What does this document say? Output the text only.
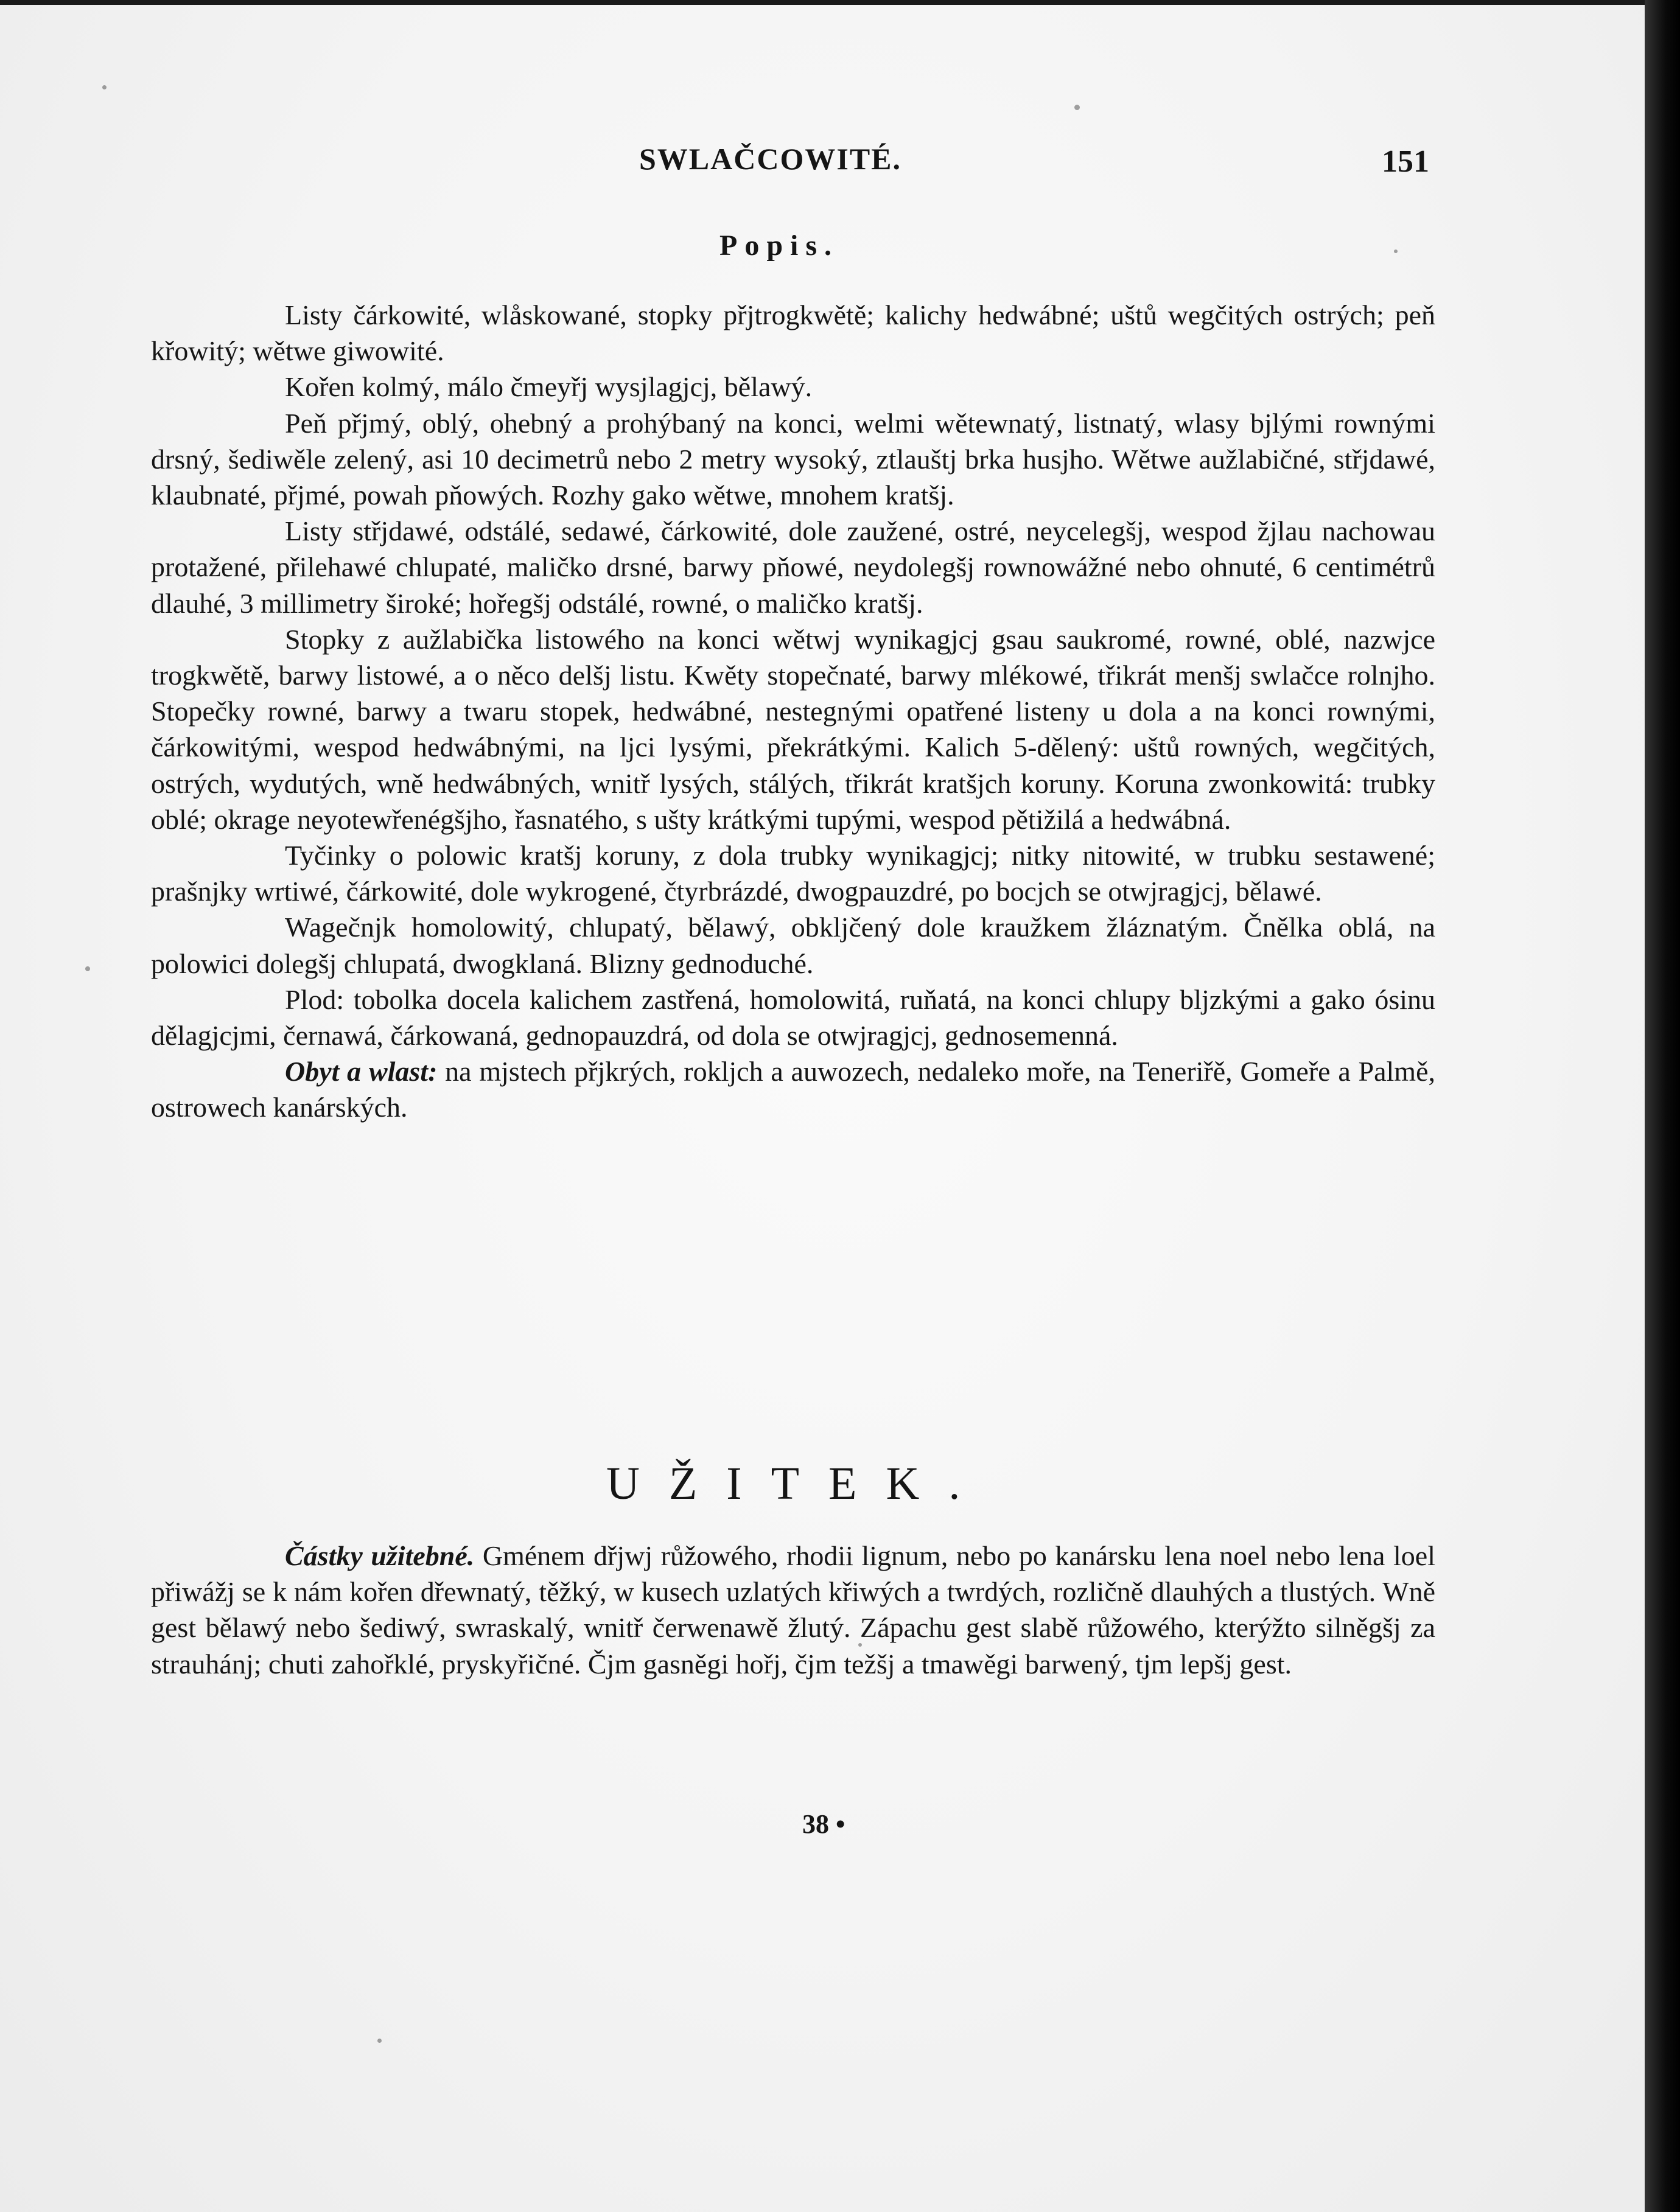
SWLAČCOWITÉ.	151
Popis.

Listy čárkowité, wlåskowané, stopky přjtrogkwětě; kalichy hedwábné; uštů wegčitých ostrých; peň křowitý; wětwe giwowité.

Kořen kolmý, málo čmeyřj wysjlagjcj, bělawý.

Peň přjmý, oblý, ohebný a prohýbaný na konci, welmi wětewnatý, listnatý, wlasy bjlými rownými drsný, šediwěle zelený, asi 10 decimetrů nebo 2 metry wysoký, ztlauštj brka husjho. Wětwe aužlabičné, střjdawé, klaubnaté, přjmé, powah pňowých. Rozhy gako wětwe, mnohem kratšj.

Listy střjdawé, odstálé, sedawé, čárkowité, dole zaužené, ostré, neycelegšj, wespod žjlau nachowau protažené, přilehawé chlupaté, maličko drsné, barwy pňowé, neydolegšj rownowážné nebo ohnuté, 6 centimétrů dlauhé, 3 millimetry široké; hořegšj odstálé, rowné, o maličko kratšj.

Stopky z aužlabička listowého na konci wětwj wynikagjcj gsau saukromé, rowné, oblé, nazwjce trogkwětě, barwy listowé, a o něco delšj listu. Kwěty stopečnaté, barwy mlékowé, třikrát menšj swlačce rolnjho. Stopečky rowné, barwy a twaru stopek, hedwábné, nestegnými opatřené listeny u dola a na konci rownými, čárkowitými, wespod hedwábnými, na ljci lysými, překrátkými. Kalich 5-dělený: uštů rowných, wegčitých, ostrých, wydutých, wně hedwábných, wnitř lysých, stálých, třikrát kratšjch koruny. Koruna zwonkowitá: trubky oblé; okrage neyotewřenégšjho, řasnatého, s ušty krátkými tupými, wespod pětižilá a hedwábná.

Tyčinky o polowic kratšj koruny, z dola trubky wynikagjcj; nitky nitowité, w trubku sestawené; prašnjky wrtiwé, čárkowité, dole wykrogené, čtyrbrázdé, dwogpauzdré, po bocjch se otwjragjcj, bělawé.

Wagečnjk homolowitý, chlupatý, bělawý, obkljčený dole kraužkem žláznatým. Čnělka oblá, na polowici dolegšj chlupatá, dwogklaná. Blizny gednoduché.

Plod: tobolka docela kalichem zastřená, homolowitá, ruňatá, na konci chlupy bljzkými a gako ósinu dělagjcjmi, černawá, čárkowaná, gednopauzdrá, od dola se otwjragjcj, gednosemenná.

Obyt a wlast: na mjstech přjkrých, rokljch a auwozech, nedaleko moře, na Teneriřě, Gomeře a Palmě, ostrowech kanárských.

UŽITEK.

Částky užitebné. Gménem dřjwj růžowého, rhodii lignum, nebo po kanársku lena noel nebo lena loel přiwážj se k nám kořen dřewnatý, těžký, w kusech uzlatých křiwých a twrdých, rozličně dlauhých a tlustých. Wně gest bělawý nebo šediwý, swraskalý, wnitř čerwenawě žlutý. Zápachu gest slabě růžowého, kterýžto silněgšj za strauhánj; chuti zahořklé, pryskyřičné. Čjm gasněgi hořj, čjm težšj a tmawěgi barwený, tjm lepšj gest.

38 •
